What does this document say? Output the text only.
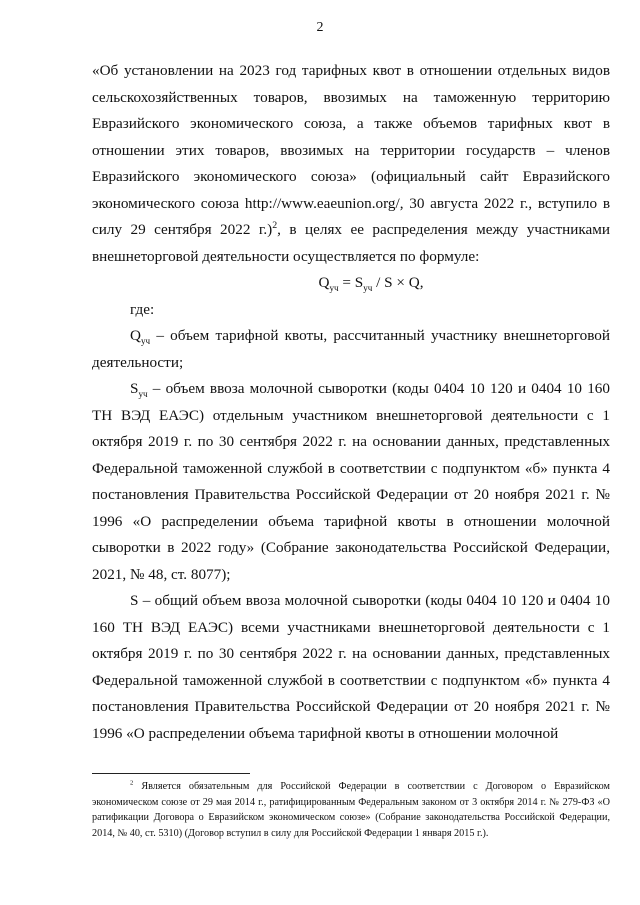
2

«Об установлении на 2023 год тарифных квот в отношении отдельных видов сельскохозяйственных товаров, ввозимых на таможенную территорию Евразийского экономического союза, а также объемов тарифных квот в отношении этих товаров, ввозимых на территории государств – членов Евразийского экономического союза» (официальный сайт Евразийского экономического союза http://www.eaeunion.org/, 30 августа 2022 г., вступило в силу 29 сентября 2022 г.)$^2$, в целях ее распределения между участниками внешнеторговой деятельности осуществляется по формуле:

$Q_{уч} = S_{уч} / S \times Q$,

где:

$Q_{уч}$ – объем тарифной квоты, рассчитанный участнику внешнеторговой деятельности;

$S_{уч}$ – объем ввоза молочной сыворотки (коды 0404 10 120 и 0404 10 160 ТН ВЭД ЕАЭС) отдельным участником внешнеторговой деятельности с 1 октября 2019 г. по 30 сентября 2022 г. на основании данных, представленных Федеральной таможенной службой в соответствии с подпунктом «б» пункта 4 постановления Правительства Российской Федерации от 20 ноября 2021 г. № 1996 «О распределении объема тарифной квоты в отношении молочной сыворотки в 2022 году» (Собрание законодательства Российской Федерации, 2021, № 48, ст. 8077);

S – общий объем ввоза молочной сыворотки (коды 0404 10 120 и 0404 10 160 ТН ВЭД ЕАЭС) всеми участниками внешнеторговой деятельности с 1 октября 2019 г. по 30 сентября 2022 г. на основании данных, представленных Федеральной таможенной службой в соответствии с подпунктом «б» пункта 4 постановления Правительства Российской Федерации от 20 ноября 2021 г. № 1996 «О распределении объема тарифной квоты в отношении молочной

$^2$ Является обязательным для Российской Федерации в соответствии с Договором о Евразийском экономическом союзе от 29 мая 2014 г., ратифицированным Федеральным законом от 3 октября 2014 г. № 279-ФЗ «О ратификации Договора о Евразийском экономическом союзе» (Собрание законодательства Российской Федерации, 2014, № 40, ст. 5310) (Договор вступил в силу для Российской Федерации 1 января 2015 г.).
